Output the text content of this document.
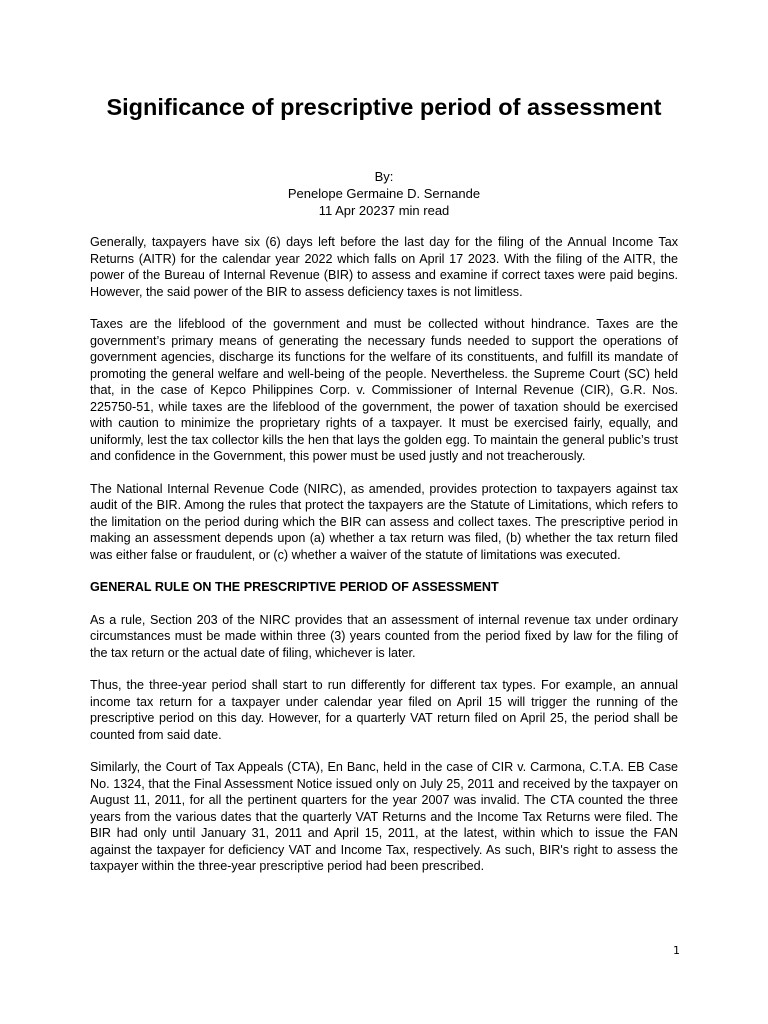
Significance of prescriptive period of assessment
By:
Penelope Germaine D. Sernande
11 Apr 20237 min read

Generally, taxpayers have six (6) days left before the last day for the filing of the Annual Income Tax Returns (AITR) for the calendar year 2022 which falls on April 17 2023. With the filing of the AITR, the power of the Bureau of Internal Revenue (BIR) to assess and examine if correct taxes were paid begins. However, the said power of the BIR to assess deficiency taxes is not limitless.

Taxes are the lifeblood of the government and must be collected without hindrance. Taxes are the government’s primary means of generating the necessary funds needed to support the operations of government agencies, discharge its functions for the welfare of its constituents, and fulfill its mandate of promoting the general welfare and well-being of the people. Nevertheless. the Supreme Court (SC) held that, in the case of Kepco Philippines Corp. v. Commissioner of Internal Revenue (CIR), G.R. Nos. 225750-51, while taxes are the lifeblood of the government, the power of taxation should be exercised with caution to minimize the proprietary rights of a taxpayer. It must be exercised fairly, equally, and uniformly, lest the tax collector kills the hen that lays the golden egg. To maintain the general public’s trust and confidence in the Government, this power must be used justly and not treacherously.

The National Internal Revenue Code (NIRC), as amended, provides protection to taxpayers against tax audit of the BIR. Among the rules that protect the taxpayers are the Statute of Limitations, which refers to the limitation on the period during which the BIR can assess and collect taxes. The prescriptive period in making an assessment depends upon (a) whether a tax return was filed, (b) whether the tax return filed was either false or fraudulent, or (c) whether a waiver of the statute of limitations was executed.

GENERAL RULE ON THE PRESCRIPTIVE PERIOD OF ASSESSMENT

As a rule, Section 203 of the NIRC provides that an assessment of internal revenue tax under ordinary circumstances must be made within three (3) years counted from the period fixed by law for the filing of the tax return or the actual date of filing, whichever is later.

Thus, the three-year period shall start to run differently for different tax types. For example, an annual income tax return for a taxpayer under calendar year filed on April 15 will trigger the running of the prescriptive period on this day. However, for a quarterly VAT return filed on April 25, the period shall be counted from said date.

Similarly, the Court of Tax Appeals (CTA), En Banc, held in the case of CIR v. Carmona, C.T.A. EB Case No. 1324, that the Final Assessment Notice issued only on July 25, 2011 and received by the taxpayer on August 11, 2011, for all the pertinent quarters for the year 2007 was invalid. The CTA counted the three years from the various dates that the quarterly VAT Returns and the Income Tax Returns were filed. The BIR had only until January 31, 2011 and April 15, 2011, at the latest, within which to issue the FAN against the taxpayer for deficiency VAT and Income Tax, respectively. As such, BIR's right to assess the taxpayer within the three-year prescriptive period had been prescribed.

1
